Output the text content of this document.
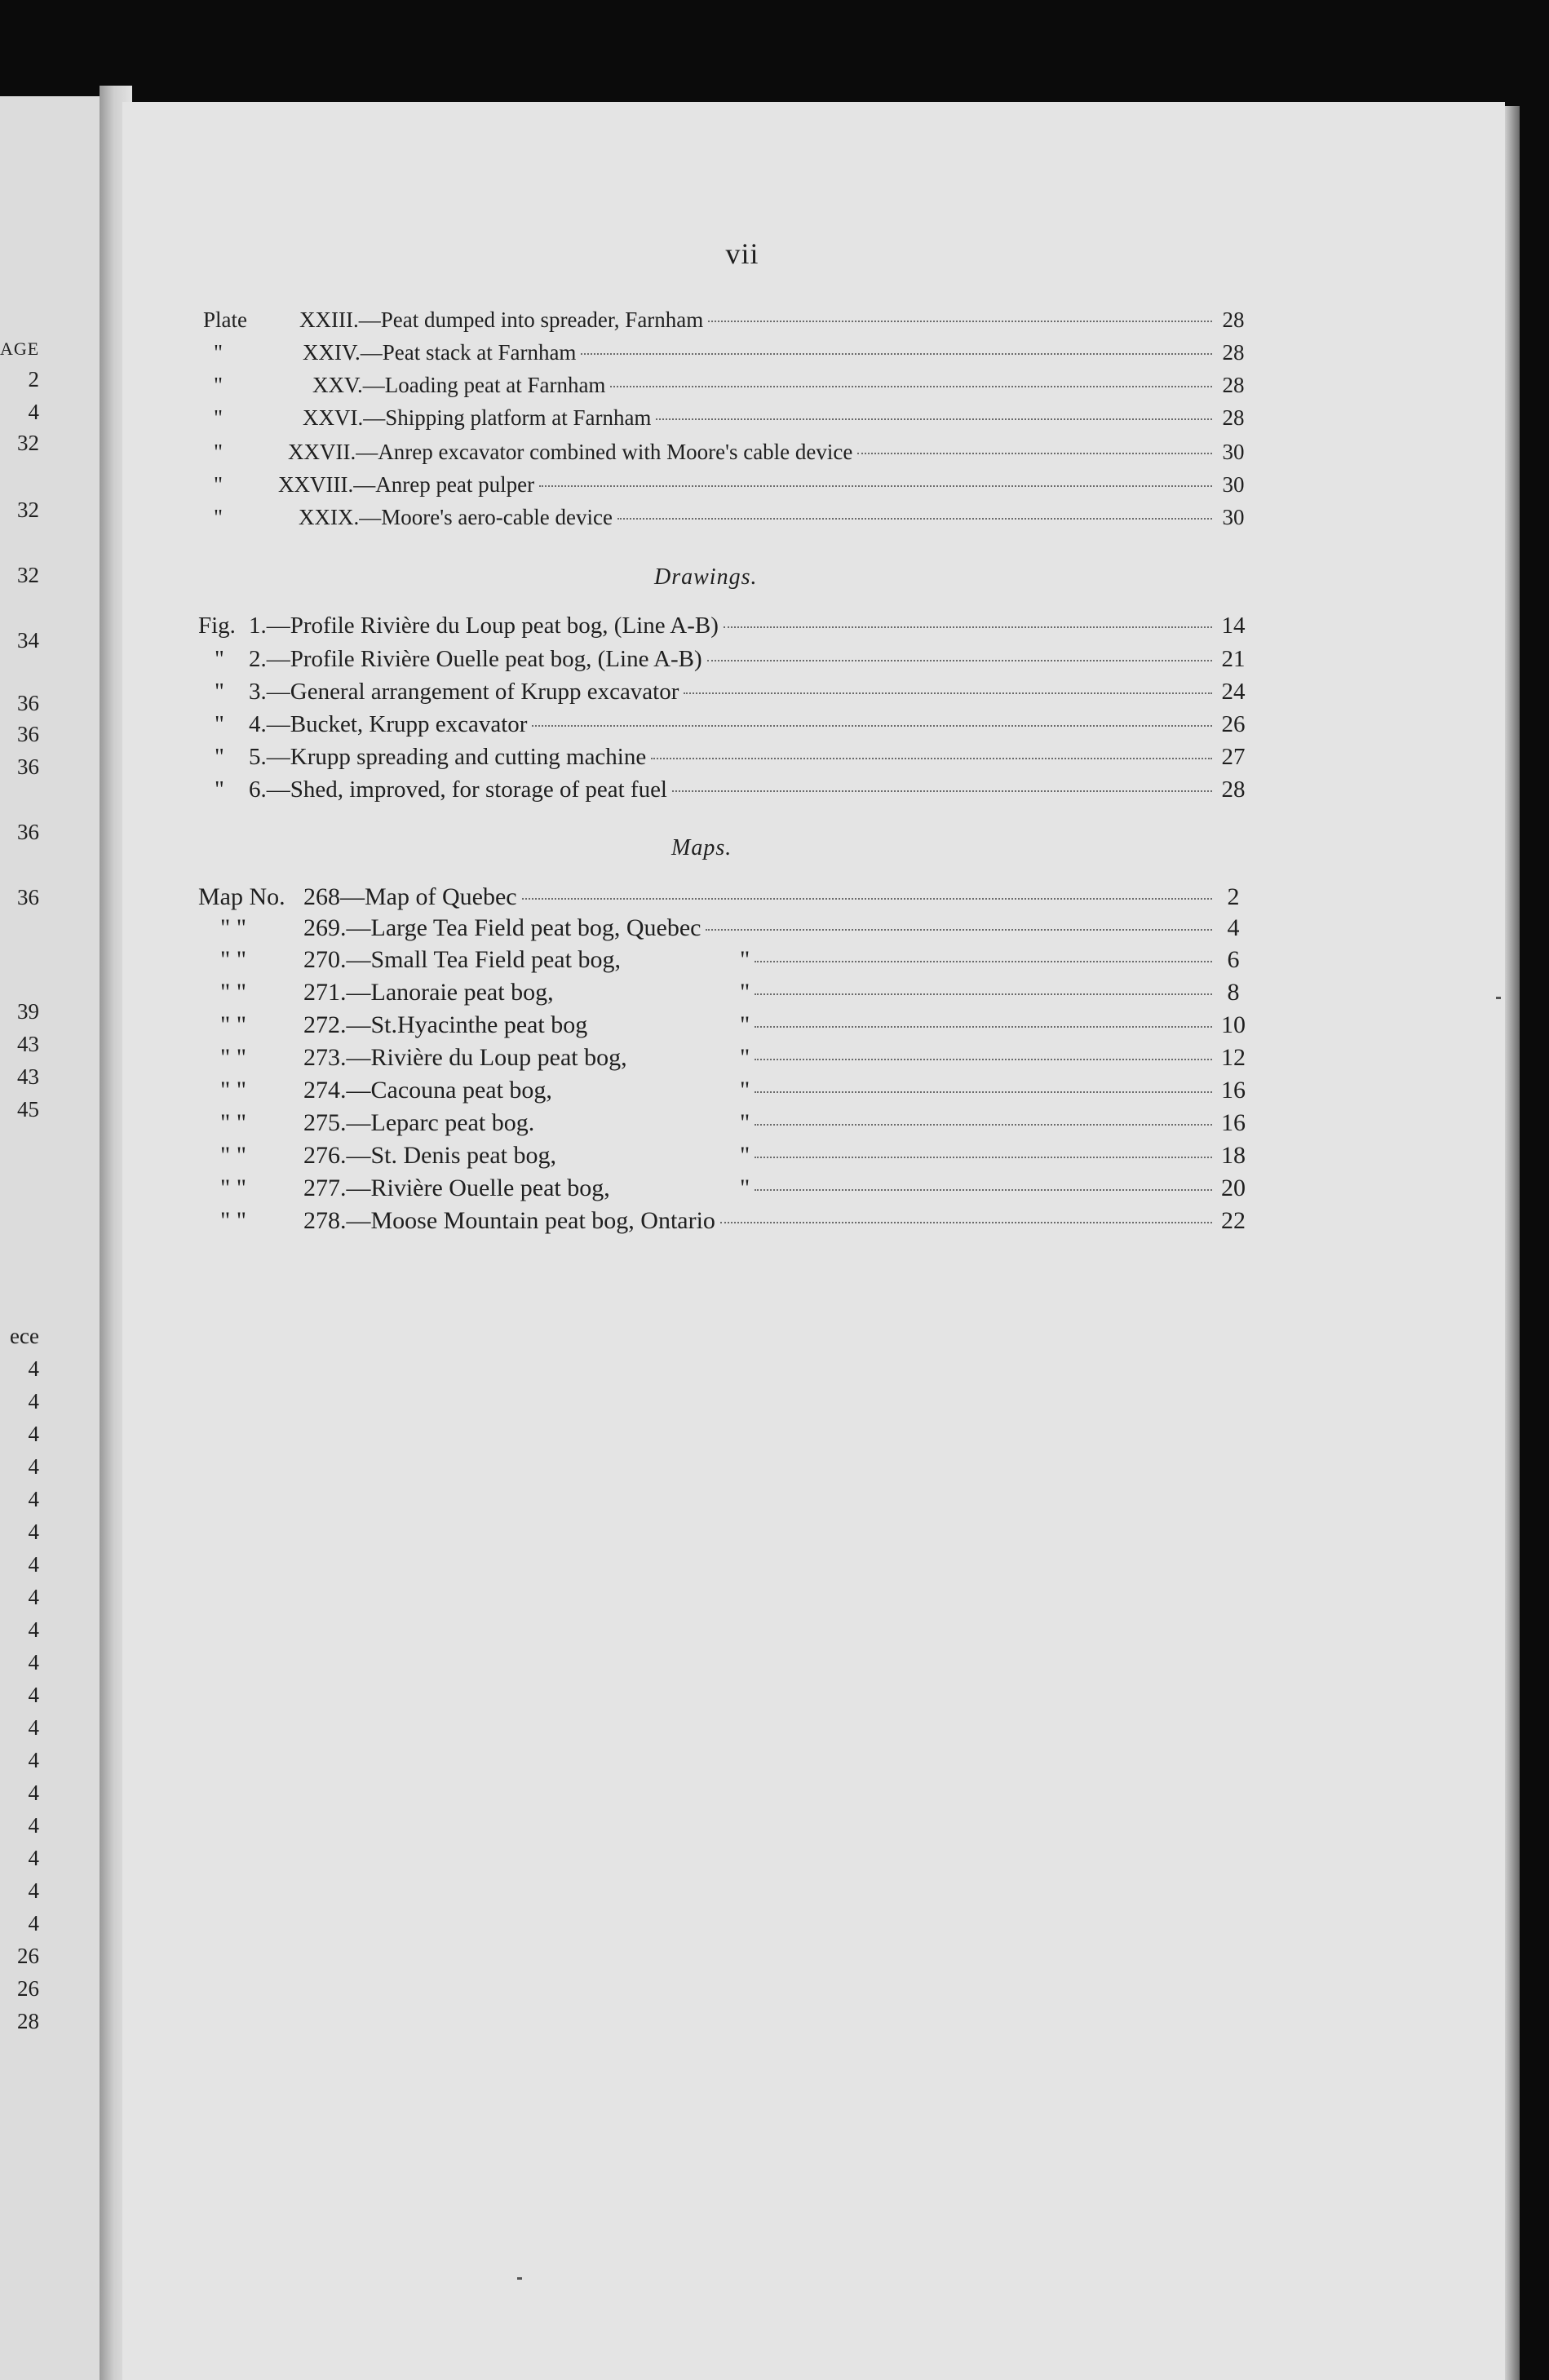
AGE
2
4
32
32
32
34
36
36
36
36
36
39
43
43
45
ece
4
4
4
4
4
4
4
4
4
4
4
4
4
4
4
4
4
4
26
26
28
vii
Plate	XXIII.—Peat dumped into spreader, Farnham	28
"	XXIV.—Peat stack at Farnham	28
"	XXV.—Loading peat at Farnham	28
"	XXVI.—Shipping platform at Farnham	28
"	XXVII.—Anrep excavator combined with Moore's cable device	30
"	XXVIII.—Anrep peat pulper	30
"	XXIX.—Moore's aero-cable device	30
Drawings.
Fig. 1.—Profile Rivière du Loup peat bog, (Line A-B)	14
"	2.—Profile Rivière Ouelle peat bog, (Line A-B)	21
"	3.—General arrangement of Krupp excavator	24
"	4.—Bucket, Krupp excavator	26
"	5.—Krupp spreading and cutting machine	27
"	6.—Shed, improved, for storage of peat fuel	28
Maps.
Map No. 268—Map of Quebec	2
" "	269.—Large Tea Field peat bog, Quebec	4
" "	270.—Small Tea Field peat bog,	"	6
" "	271.—Lanoraie peat bog,	"	8
" "	272.—St.Hyacinthe peat bog	"	10
" "	273.—Rivière du Loup peat bog,	"	12
" "	274.—Cacouna peat bog,	"	16
" "	275.—Leparc peat bog.	"	16
" "	276.—St. Denis peat bog,	"	18
" "	277.—Rivière Ouelle peat bog,	"	20
" "	278.—Moose Mountain peat bog, Ontario	22
